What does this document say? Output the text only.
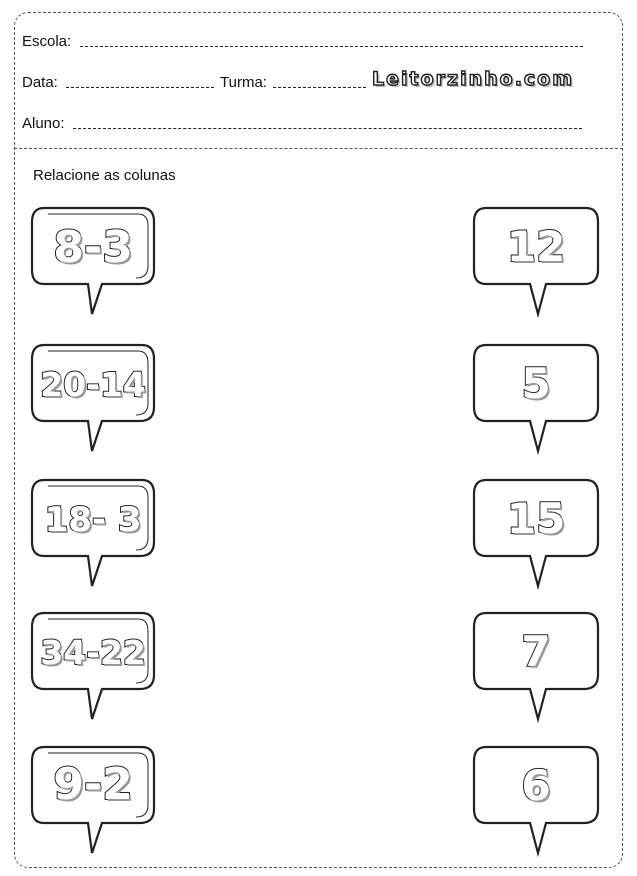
Escola:
Data:	Turma:	Leitorzinho.com
Aluno:
Relacione as colunas
8-3
20-14
18- 3
34-22
9-2
12
5
15
7
6
